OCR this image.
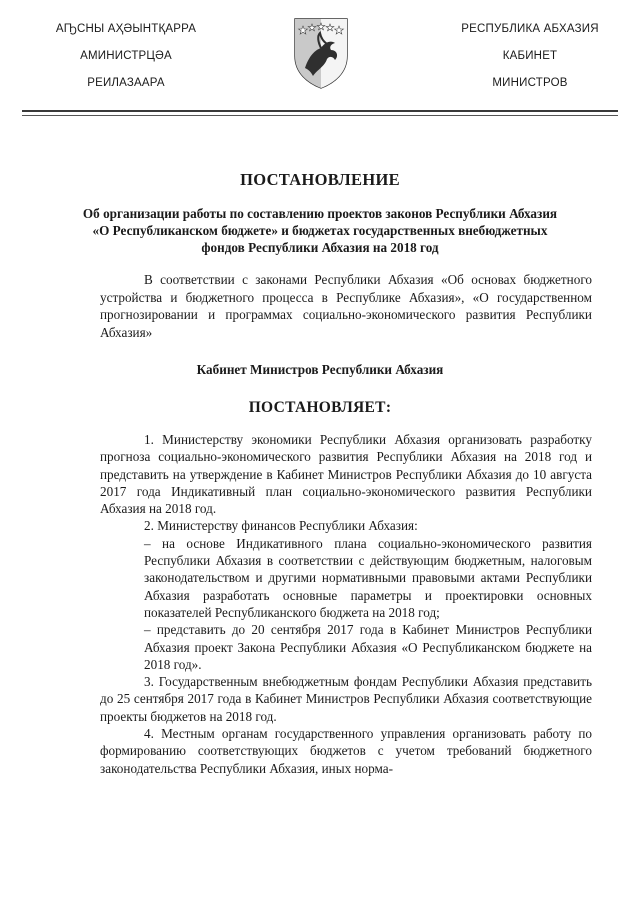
АҦСНЫ АҲӘЫНТҚАРРА
АМИНИСТРЦӘА
РЕИЛАЗААРА
РЕСПУБЛИКА АБХАЗИЯ
КАБИНЕТ
МИНИСТРОВ
ПОСТАНОВЛЕНИЕ
Об организации работы по составлению проектов законов Республики Абхазия «О Республиканском бюджете» и бюджетах государственных внебюджетных фондов Республики Абхазия на 2018 год
В соответствии с законами Республики Абхазия «Об основах бюджетного устройства и бюджетного процесса в Республике Абхазия», «О государственном прогнозировании и программах социально-экономического развития Республики Абхазия»
Кабинет Министров Республики Абхазия
ПОСТАНОВЛЯЕТ:

1. Министерству экономики Республики Абхазия организовать разработку прогноза социально-экономического развития Республики Абхазия на 2018 год и представить на утверждение в Кабинет Министров Республики Абхазия до 10 августа 2017 года Индикативный план социально-экономического развития Республики Абхазия на 2018 год.

2. Министерству финансов Республики Абхазия:

– на основе Индикативного плана социально-экономического развития Республики Абхазия в соответствии с действующим бюджетным, налоговым законодательством и другими нормативными правовыми актами Республики Абхазия разработать основные параметры и проектировки основных показателей Республиканского бюджета на 2018 год;

– представить до 20 сентября 2017 года в Кабинет Министров Республики Абхазия проект Закона Республики Абхазия «О Республиканском бюджете на 2018 год».

3. Государственным внебюджетным фондам Республики Абхазия представить до 25 сентября 2017 года в Кабинет Министров Республики Абхазия соответствующие проекты бюджетов на 2018 год.

4. Местным органам государственного управления организовать работу по формированию соответствующих бюджетов с учетом требований бюджетного законодательства Республики Абхазия, иных норма-
